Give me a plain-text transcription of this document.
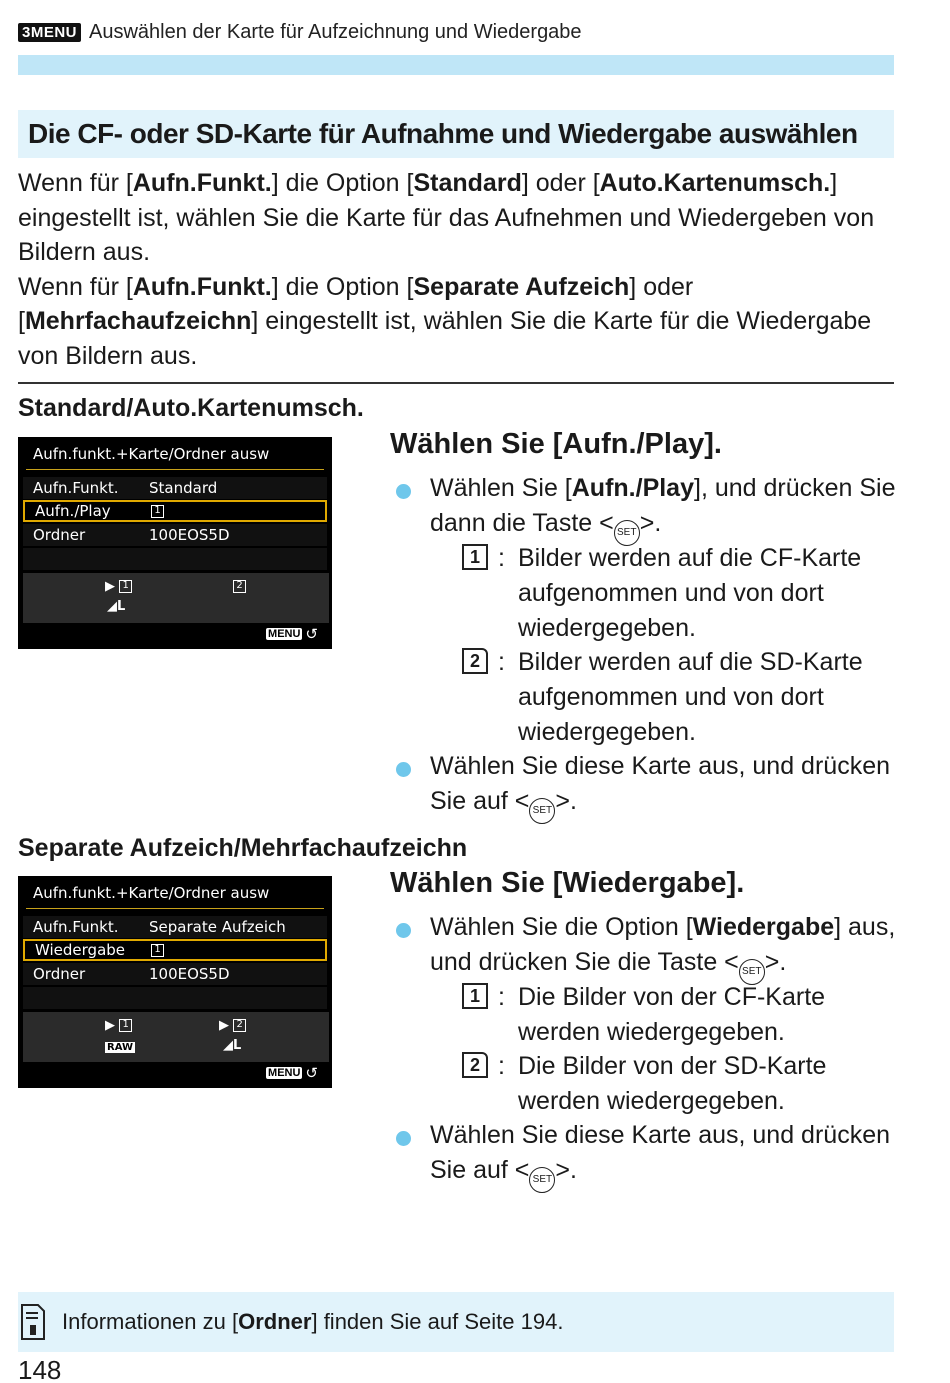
3MENU Auswählen der Karte für Aufzeichnung und Wiedergabe
Die CF- oder SD-Karte für Aufnahme und Wiedergabe auswählen

Wenn für [Aufn.Funkt.] die Option [Standard] oder [Auto.Kartenumsch.] eingestellt ist, wählen Sie die Karte für das Aufnehmen und Wiedergeben von Bildern aus.

Wenn für [Aufn.Funkt.] die Option [Separate Aufzeich] oder [Mehrfachaufzeichn] eingestellt ist, wählen Sie die Karte für die Wiedergabe von Bildern aus.

Standard/Auto.Kartenumsch.
Aufn.funkt.+Karte/Ordner ausw
Aufn.Funkt.	Standard
Aufn./Play	1
Ordner	100EOS5D
▶ 1
◢L
2
MENU ↺
Wählen Sie [Aufn./Play].
Wählen Sie [Aufn./Play], und drücken Sie dann die Taste < SET >.
1 : Bilder werden auf die CF-Karte aufgenommen und von dort wiedergegeben.
2 : Bilder werden auf die SD-Karte aufgenommen und von dort wiedergegeben.
Wählen Sie diese Karte aus, und drücken Sie auf < SET >.
Separate Aufzeich/Mehrfachaufzeichn
Aufn.funkt.+Karte/Ordner ausw
Aufn.Funkt.	Separate Aufzeich
Wiedergabe	1
Ordner	100EOS5D
▶ 1
RAW
▶ 2
◢L
MENU ↺
Wählen Sie [Wiedergabe].
Wählen Sie die Option [Wiedergabe] aus, und drücken Sie die Taste < SET >.
1 : Die Bilder von der CF-Karte werden wiedergegeben.
2 : Die Bilder von der SD-Karte werden wiedergegeben.
Wählen Sie diese Karte aus, und drücken Sie auf < SET >.
Informationen zu [Ordner] finden Sie auf Seite 194.
148
